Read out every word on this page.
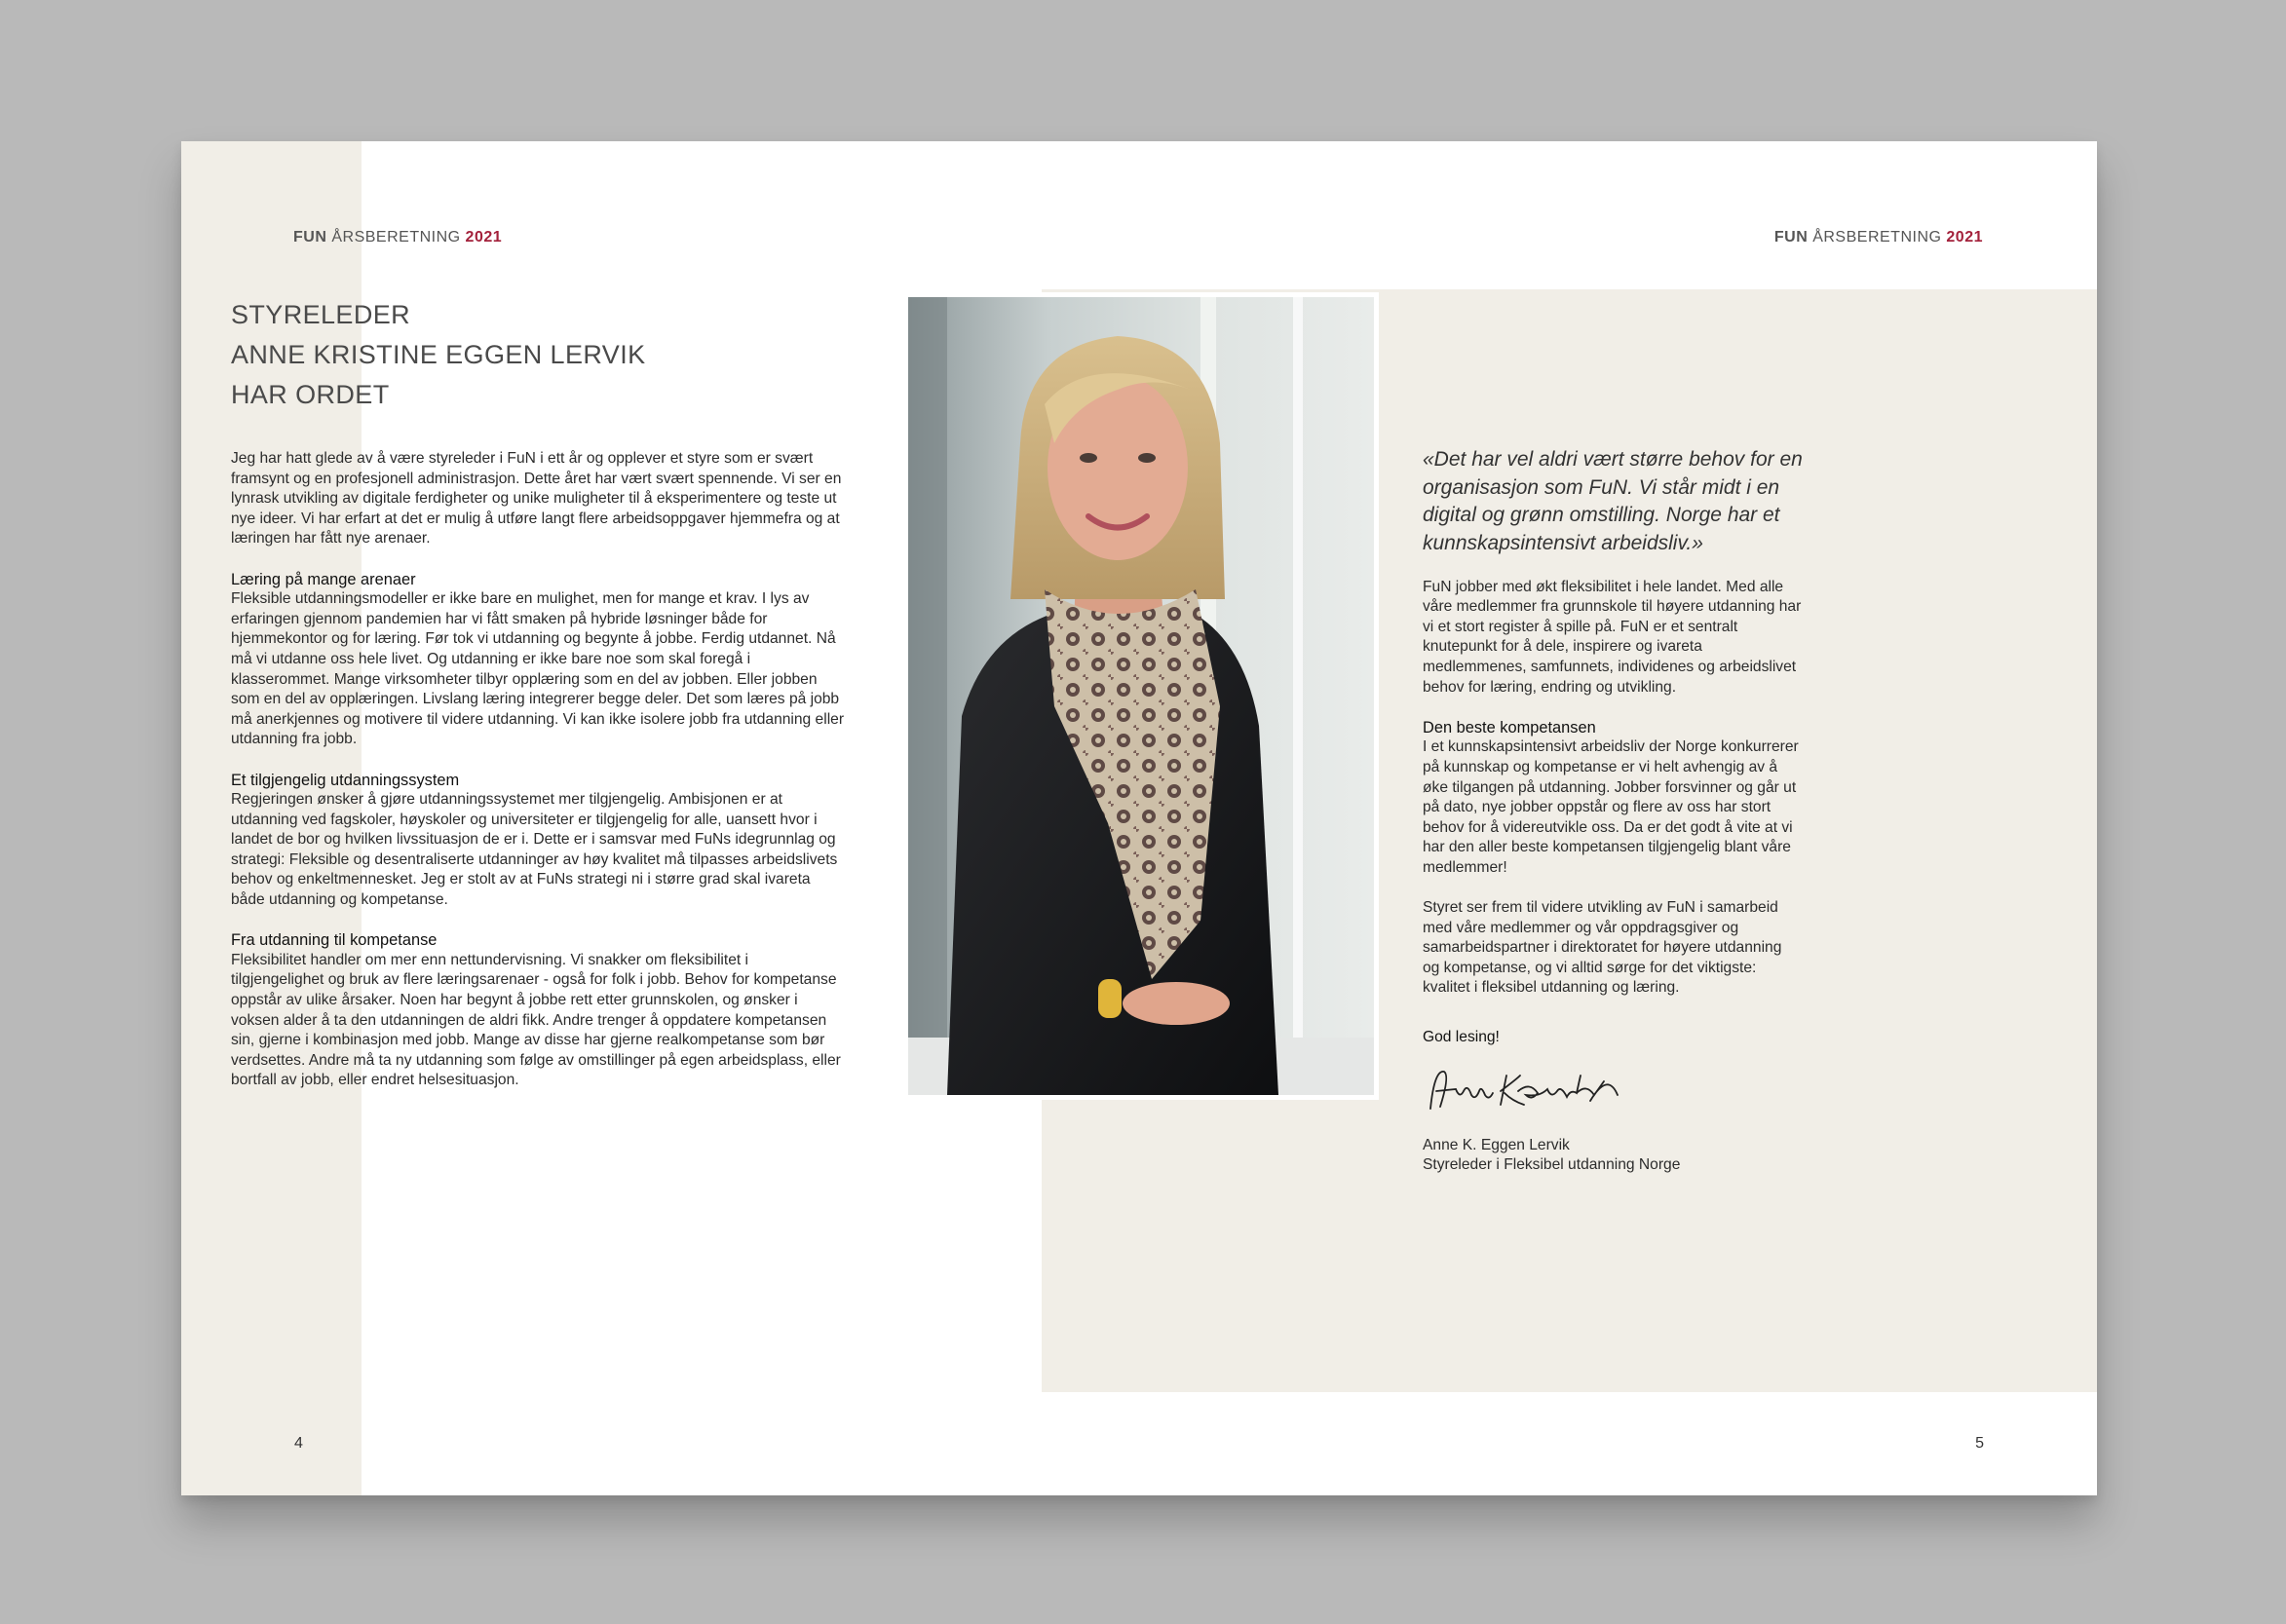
FUN ÅRSBERETNING 2021	FUN ÅRSBERETNING 2021
4	5
STYRELEDER
ANNE KRISTINE EGGEN LERVIK
HAR ORDET

Jeg har hatt glede av å være styreleder i FuN i ett år og opplever et styre som er svært framsynt og en profesjonell administrasjon. Dette året har vært svært spennende. Vi ser en lynrask utvikling av digitale ferdigheter og unike muligheter til å eksperimentere og teste ut nye ideer. Vi har erfart at det er mulig å utføre langt flere arbeidsoppgaver hjemmefra og at læringen har fått nye arenaer.

Læring på mange arenaer

Fleksible utdanningsmodeller er ikke bare en mulighet, men for mange et krav. I lys av erfaringen gjennom pandemien har vi fått smaken på hybride løsninger både for hjemmekontor og for læring. Før tok vi utdanning og begynte å jobbe. Ferdig utdannet. Nå må vi utdanne oss hele livet. Og utdanning er ikke bare noe som skal foregå i klasserommet. Mange virksomheter tilbyr opplæring som en del av jobben. Eller jobben som en del av opplæringen. Livslang læring integrerer begge deler. Det som læres på jobb må anerkjennes og motivere til videre utdanning. Vi kan ikke isolere jobb fra utdanning eller utdanning fra jobb.

Et tilgjengelig utdanningssystem

Regjeringen ønsker å gjøre utdanningssystemet mer tilgjengelig. Ambisjonen er at utdanning ved fagskoler, høyskoler og universiteter er tilgjengelig for alle, uansett hvor i landet de bor og hvilken livssituasjon de er i. Dette er i samsvar med FuNs idegrunnlag og strategi: Fleksible og desentraliserte utdanninger av høy kvalitet må tilpasses arbeidslivets behov og enkeltmennesket. Jeg er stolt av at FuNs strategi ni i større grad skal ivareta både utdanning og kompetanse.

Fra utdanning til kompetanse

Fleksibilitet handler om mer enn nettundervisning. Vi snakker om fleksibilitet i tilgjengelighet og bruk av flere læringsarenaer - også for folk i jobb. Behov for kompetanse oppstår av ulike årsaker. Noen har begynt å jobbe rett etter grunnskolen, og ønsker i voksen alder å ta den utdanningen de aldri fikk. Andre trenger å oppdatere kompetansen sin, gjerne i kombinasjon med jobb. Mange av disse har gjerne realkompetanse som bør verdsettes. Andre må ta ny utdanning som følge av omstillinger på egen arbeidsplass, eller bortfall av jobb, eller endret helsesituasjon.

«Det har vel aldri vært større behov for en organisasjon som FuN. Vi står midt i en digital og grønn omstilling. Norge har et kunnskapsintensivt arbeidsliv.»

FuN jobber med økt fleksibilitet i hele landet. Med alle våre medlemmer fra grunnskole til høyere utdanning har vi et stort register å spille på. FuN er et sentralt knutepunkt for å dele, inspirere og ivareta medlemmenes, samfunnets, individenes og arbeidslivet behov for læring, endring og utvikling.

Den beste kompetansen

I et kunnskapsintensivt arbeidsliv der Norge konkurrerer på kunnskap og kompetanse er vi helt avhengig av å øke tilgangen på utdanning. Jobber forsvinner og går ut på dato, nye jobber oppstår og flere av oss har stort behov for å videreutvikle oss. Da er det godt å vite at vi har den aller beste kompetansen tilgjengelig blant våre medlemmer!

Styret ser frem til videre utvikling av FuN i samarbeid med våre medlemmer og vår oppdragsgiver og samarbeidspartner i direktoratet for høyere utdanning og kompetanse, og vi alltid sørge for det viktigste: kvalitet i fleksibel utdanning og læring.

God lesing!

Anne K. Eggen Lervik
Styreleder i Fleksibel utdanning Norge
